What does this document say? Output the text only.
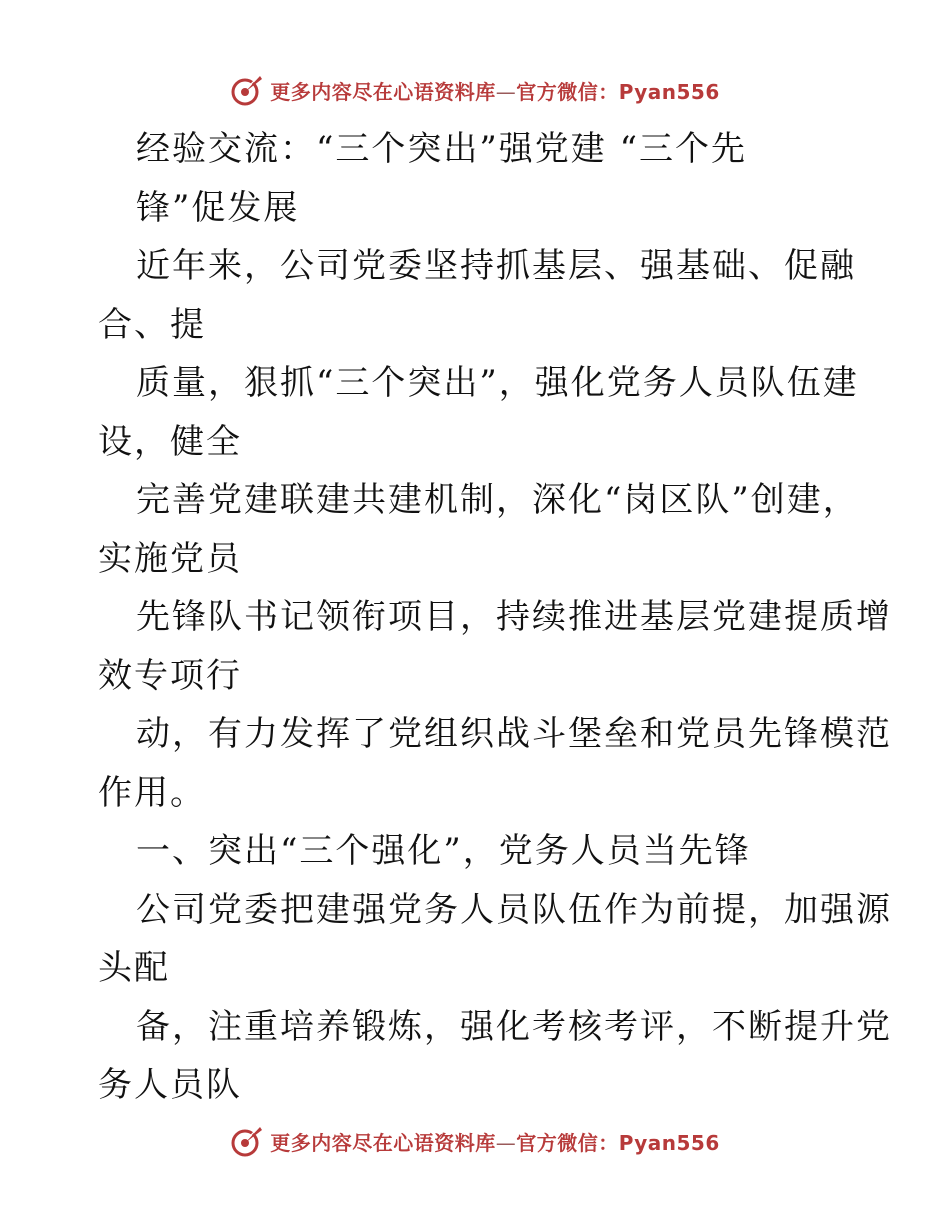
更多内容尽在心语资料库—官方微信：Pyan556
经验交流：“三个突出”强党建 “三个先
锋”促发展
近年来，公司党委坚持抓基层、强基础、促融
合、提
质量，狠抓“三个突出”，强化党务人员队伍建
设，健全
完善党建联建共建机制，深化“岗区队”创建，
实施党员
先锋队书记领衔项目，持续推进基层党建提质增
效专项行
动，有力发挥了党组织战斗堡垒和党员先锋模范
作用。
一、突出“三个强化”，党务人员当先锋
公司党委把建强党务人员队伍作为前提，加强源
头配
备，注重培养锻炼，强化考核考评，不断提升党
务人员队
更多内容尽在心语资料库—官方微信：Pyan556
